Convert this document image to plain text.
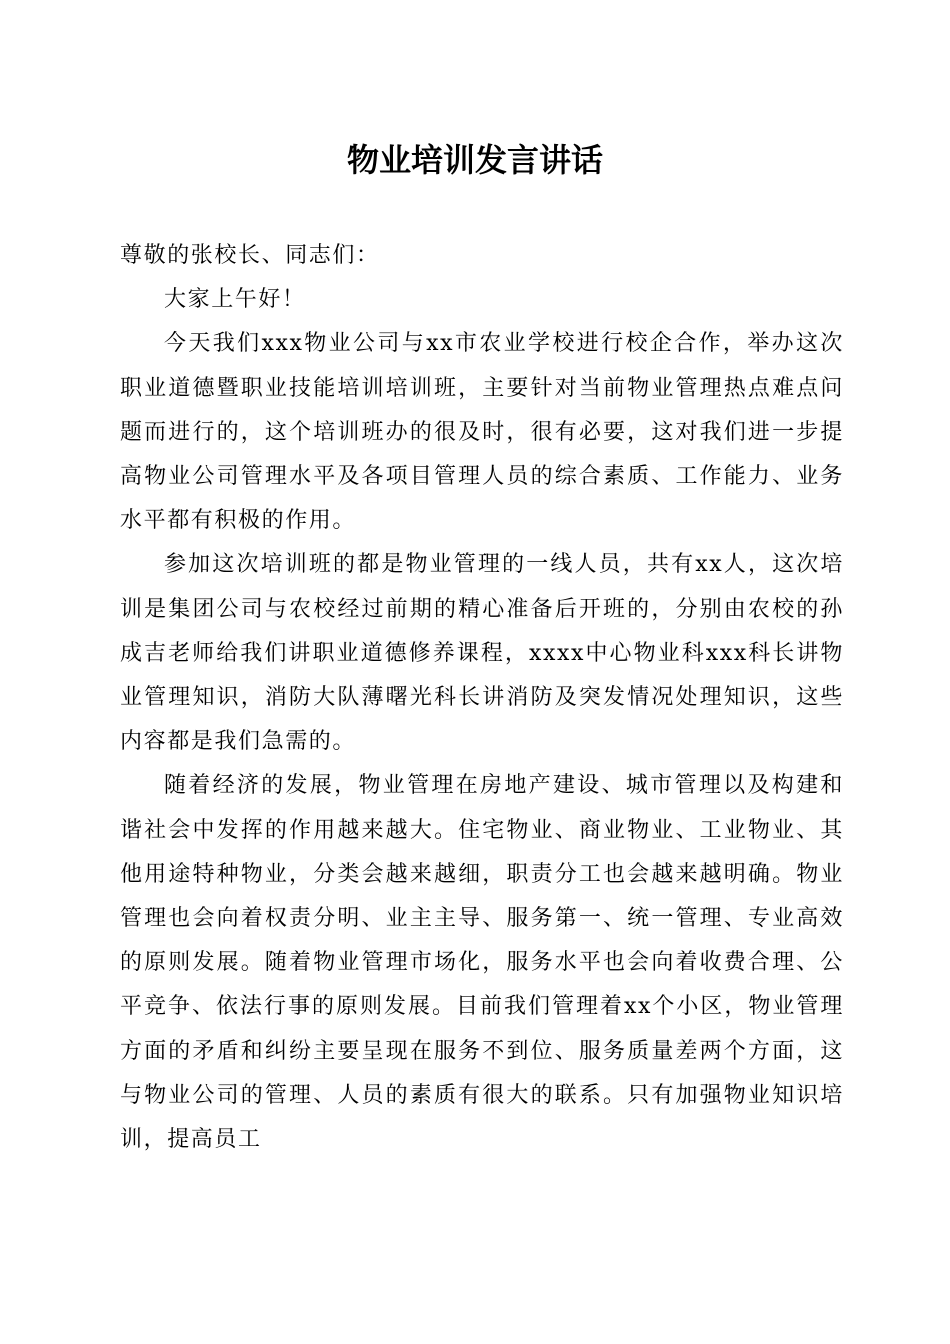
物业培训发言讲话

尊敬的张校长、同志们：

大家上午好！

今天我们xxx物业公司与xx市农业学校进行校企合作，举办这次职业道德暨职业技能培训培训班，主要针对当前物业管理热点难点问题而进行的，这个培训班办的很及时，很有必要，这对我们进一步提高物业公司管理水平及各项目管理人员的综合素质、工作能力、业务水平都有积极的作用。

参加这次培训班的都是物业管理的一线人员，共有xx人，这次培训是集团公司与农校经过前期的精心准备后开班的，分别由农校的孙成吉老师给我们讲职业道德修养课程，xxxx中心物业科xxx科长讲物业管理知识，消防大队薄曙光科长讲消防及突发情况处理知识，这些内容都是我们急需的。

随着经济的发展，物业管理在房地产建设、城市管理以及构建和谐社会中发挥的作用越来越大。住宅物业、商业物业、工业物业、其他用途特种物业，分类会越来越细，职责分工也会越来越明确。物业管理也会向着权责分明、业主主导、服务第一、统一管理、专业高效的原则发展。随着物业管理市场化，服务水平也会向着收费合理、公平竞争、依法行事的原则发展。目前我们管理着xx个小区，物业管理方面的矛盾和纠纷主要呈现在服务不到位、服务质量差两个方面，这与物业公司的管理、人员的素质有很大的联系。只有加强物业知识培训，提高员工
